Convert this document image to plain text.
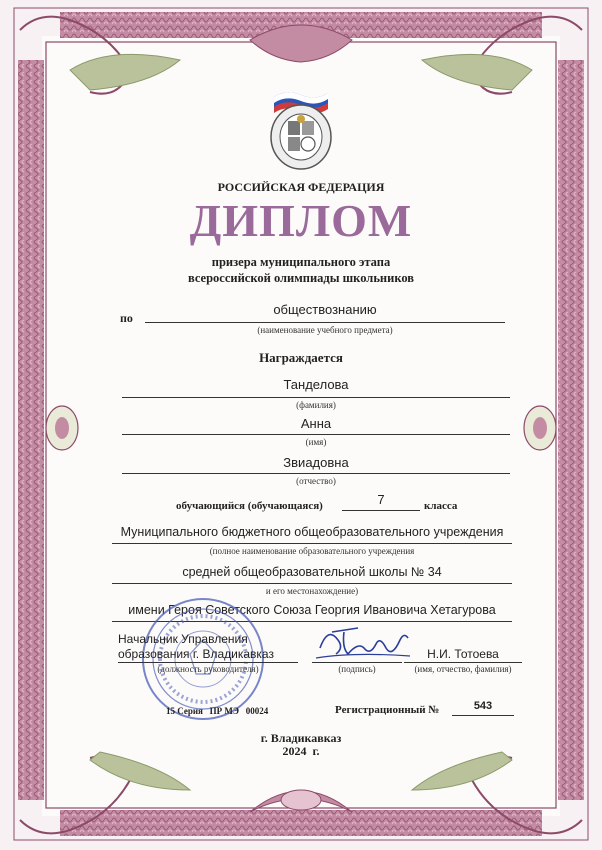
РОССИЙСКАЯ ФЕДЕРАЦИЯ
ДИПЛОМ
призера муниципального этапа
всероссийской олимпиады школьников
по
обществознанию
(наименование учебного предмета)
Награждается
Танделова
(фамилия)
Анна
(имя)
Звиадовна
(отчество)
обучающийся (обучающаяся)	7	класса
Муниципального бюджетного общеобразовательного учреждения
(полное наименование образовательного учреждения
средней общеобразовательной школы № 34
и его местонахождение)
имени Героя Советского Союза Георгия Ивановича Хетагурова
Начальник Управления
образования г. Владикавказ
(должность руководителя)	(подпись)
Н.И. Тотоева
(имя, отчество, фамилия)
15 Серия   ПР МЭ   00024	Регистрационный №	543
г. Владикавказ
2024  г.
